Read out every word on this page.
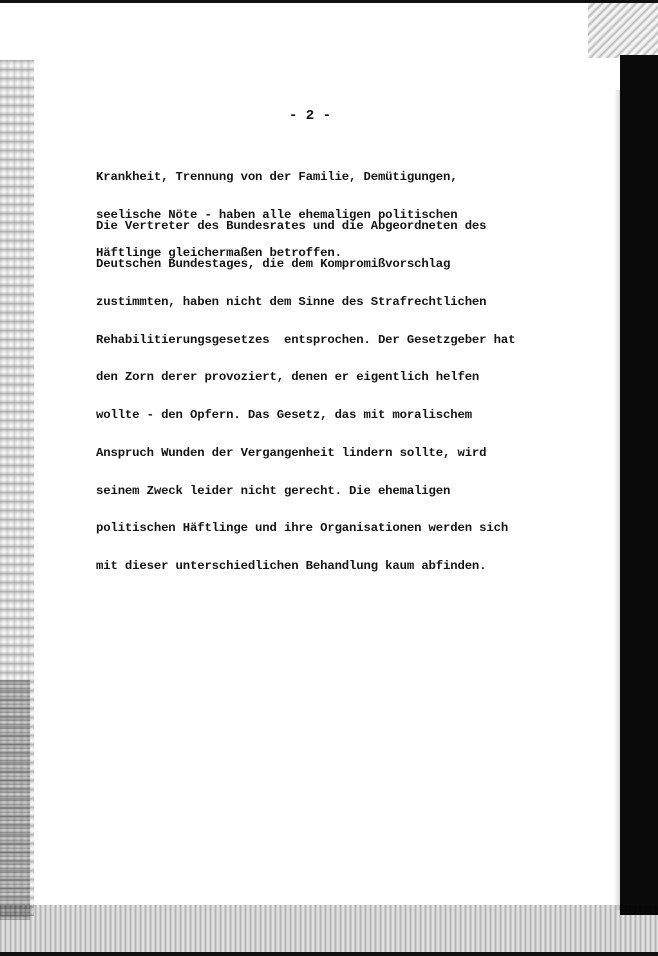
- 2 -

Krankheit, Trennung von der Familie, Demütigungen,

seelische Nöte - haben alle ehemaligen politischen

Häftlinge gleichermaßen betroffen.

Die Vertreter des Bundesrates und die Abgeordneten des

Deutschen Bundestages, die dem Kompromißvorschlag

zustimmten, haben nicht dem Sinne des Strafrechtlichen

Rehabilitierungsgesetzes  entsprochen. Der Gesetzgeber hat

den Zorn derer provoziert, denen er eigentlich helfen

wollte - den Opfern. Das Gesetz, das mit moralischem

Anspruch Wunden der Vergangenheit lindern sollte, wird

seinem Zweck leider nicht gerecht. Die ehemaligen

politischen Häftlinge und ihre Organisationen werden sich

mit dieser unterschiedlichen Behandlung kaum abfinden.
